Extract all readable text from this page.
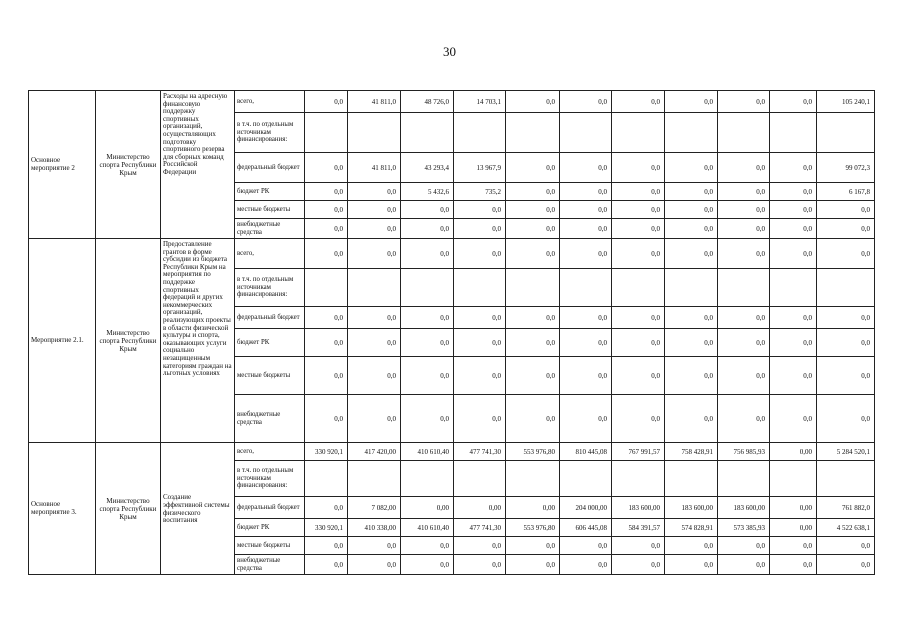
30
Основное мероприятие 2	Министерство спорта Республики Крым	Расходы на адресную финансовую поддержку спортивных организаций, осуществляющих подготовку спортивного резерва для сборных команд Российской Федерации	всего,	0,0	41 811,0	48 726,0	14 703,1	0,0	0,0	0,0	0,0	0,0	0,0	105 240,1
			в т.ч. по отдельным источникам финансирования:											
			федеральный бюджет	0,0	41 811,0	43 293,4	13 967,9	0,0	0,0	0,0	0,0	0,0	0,0	99 072,3
			бюджет РК	0,0	0,0	5 432,6	735,2	0,0	0,0	0,0	0,0	0,0	0,0	6 167,8
			местные бюджеты	0,0	0,0	0,0	0,0	0,0	0,0	0,0	0,0	0,0	0,0	0,0
			внебюджетные средства	0,0	0,0	0,0	0,0	0,0	0,0	0,0	0,0	0,0	0,0	0,0
Мероприятие 2.1.	Министерство спорта Республики Крым	Предоставление грантов в форме субсидии из бюджета Республики Крым на мероприятия по поддержке спортивных федераций и других некоммерческих организаций, реализующих проекты в области физической культуры и спорта, оказывающих услуги социально незащищенным категориям граждан на льготных условиях	всего,	0,0	0,0	0,0	0,0	0,0	0,0	0,0	0,0	0,0	0,0	0,0
			в т.ч. по отдельным источникам финансирования:											
			федеральный бюджет	0,0	0,0	0,0	0,0	0,0	0,0	0,0	0,0	0,0	0,0	0,0
			бюджет РК	0,0	0,0	0,0	0,0	0,0	0,0	0,0	0,0	0,0	0,0	0,0
			местные бюджеты	0,0	0,0	0,0	0,0	0,0	0,0	0,0	0,0	0,0	0,0	0,0
			внебюджетные средства	0,0	0,0	0,0	0,0	0,0	0,0	0,0	0,0	0,0	0,0	0,0
Основное мероприятие 3.	Министерство спорта Республики Крым	Создание эффективной системы физического воспитания	всего,	330 920,1	417 420,00	410 610,40	477 741,30	553 976,80	810 445,08	767 991,57	758 428,91	756 985,93	0,00	5 284 520,1
			в т.ч. по отдельным источникам финансирования:											
			федеральный бюджет	0,0	7 082,00	0,00	0,00	0,00	204 000,00	183 600,00	183 600,00	183 600,00	0,00	761 882,0
			бюджет РК	330 920,1	410 338,00	410 610,40	477 741,30	553 976,80	606 445,08	584 391,57	574 828,91	573 385,93	0,00	4 522 638,1
			местные бюджеты	0,0	0,0	0,0	0,0	0,0	0,0	0,0	0,0	0,0	0,0	0,0
			внебюджетные средства	0,0	0,0	0,0	0,0	0,0	0,0	0,0	0,0	0,0	0,0	0,0
